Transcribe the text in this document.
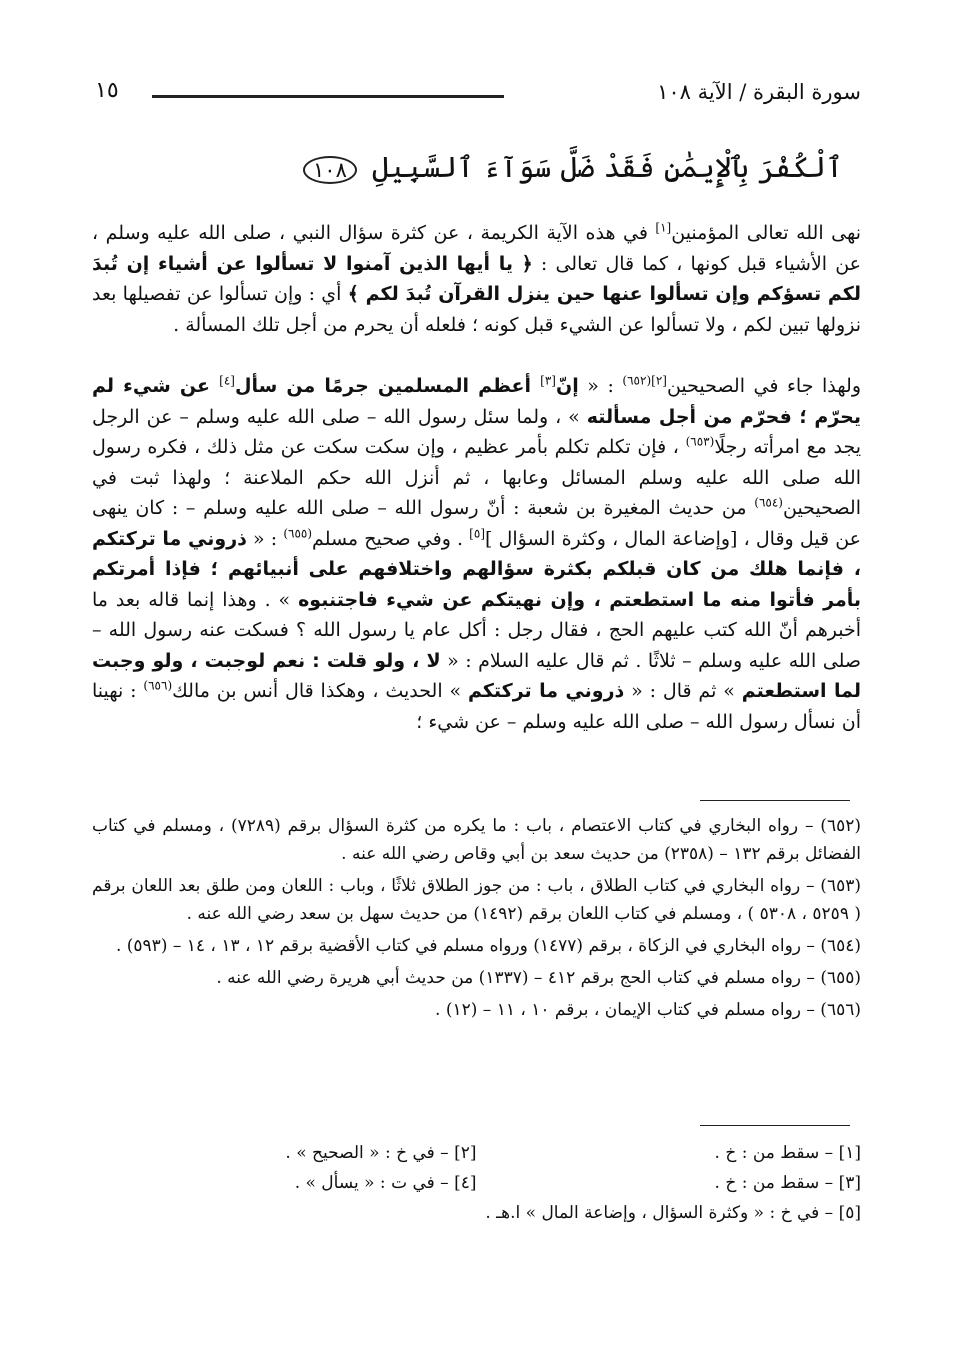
سورة البقرة / الآية ١٠٨
١٥
ٱلْكُفْرَ بِٱلْإِيمَٰنِ فَقَدْ ضَلَّ سَوَآءَ ٱلسَّبِيلِ ١٠٨

نهى الله تعالى المؤمنين[١] في هذه الآية الكريمة ، عن كثرة سؤال النبي ، صلى الله عليه وسلم ، عن الأشياء قبل كونها ، كما قال تعالى : ﴿ يا أيها الذين آمنوا لا تسألوا عن أشياء إن تُبدَ لكم تسؤكم وإن تسألوا عنها حين ينزل القرآن تُبدَ لكم ﴾ أي : وإن تسألوا عن تفصيلها بعد نزولها تبين لكم ، ولا تسألوا عن الشيء قبل كونه ؛ فلعله أن يحرم من أجل تلك المسألة .

ولهذا جاء في الصحيحين$^{[٢](٦٥٢)}$ : « إنّ[٣] أعظم المسلمين جرمًا من سأل[٤] عن شيء لم يحرّم ؛ فحرّم من أجل مسألته » ، ولما سئل رسول الله – صلى الله عليه وسلم – عن الرجل يجد مع امرأته رجلًا$^{(٦٥٣)}$ ، فإن تكلم تكلم بأمر عظيم ، وإن سكت سكت عن مثل ذلك ، فكره رسول الله صلى الله عليه وسلم المسائل وعابها ، ثم أنزل الله حكم الملاعنة ؛ ولهذا ثبت في الصحيحين$^{(٦٥٤)}$ من حديث المغيرة بن شعبة : أنّ رسول الله – صلى الله عليه وسلم – : كان ينهى عن قيل وقال ، [وإضاعة المال ، وكثرة السؤال ][٥] . وفي صحيح مسلم$^{(٦٥٥)}$ : « ذروني ما تركتكم ، فإنما هلك من كان قبلكم بكثرة سؤالهم واختلافهم على أنبيائهم ؛ فإذا أمرتكم بأمر فأتوا منه ما استطعتم ، وإن نهيتكم عن شيء فاجتنبوه » . وهذا إنما قاله بعد ما أخبرهم أنّ الله كتب عليهم الحج ، فقال رجل : أكل عام يا رسول الله ؟ فسكت عنه رسول الله – صلى الله عليه وسلم – ثلاثًا . ثم قال عليه السلام : « لا ، ولو قلت : نعم لوجبت ، ولو وجبت لما استطعتم » ثم قال : « ذروني ما تركتكم » الحديث ، وهكذا قال أنس بن مالك$^{(٦٥٦)}$ : نهينا أن نسأل رسول الله – صلى الله عليه وسلم – عن شيء ؛

(٦٥٢) – رواه البخاري في كتاب الاعتصام ، باب : ما يكره من كثرة السؤال برقم (٧٢٨٩) ، ومسلم في كتاب الفضائل برقم ١٣٢ – (٢٣٥٨) من حديث سعد بن أبي وقاص رضي الله عنه .

(٦٥٣) – رواه البخاري في كتاب الطلاق ، باب : من جوز الطلاق ثلاثًا ، وباب : اللعان ومن طلق بعد اللعان برقم ( ٥٢٥٩ ، ٥٣٠٨ ) ، ومسلم في كتاب اللعان برقم (١٤٩٢) من حديث سهل بن سعد رضي الله عنه .

(٦٥٤) – رواه البخاري في الزكاة ، برقم (١٤٧٧) ورواه مسلم في كتاب الأقضية برقم ١٢ ، ١٣ ، ١٤ – (٥٩٣) .

(٦٥٥) – رواه مسلم في كتاب الحج برقم ٤١٢ – (١٣٣٧) من حديث أبي هريرة رضي الله عنه .

(٦٥٦) – رواه مسلم في كتاب الإيمان ، برقم ١٠ ، ١١ – (١٢) .

[١] – سقط من : خ .
[٢] – في خ : « الصحيح » .
[٣] – سقط من : خ .
[٤] – في ت : « يسأل » .
[٥] – في خ : « وكثرة السؤال ، وإضاعة المال » ا.هـ .
